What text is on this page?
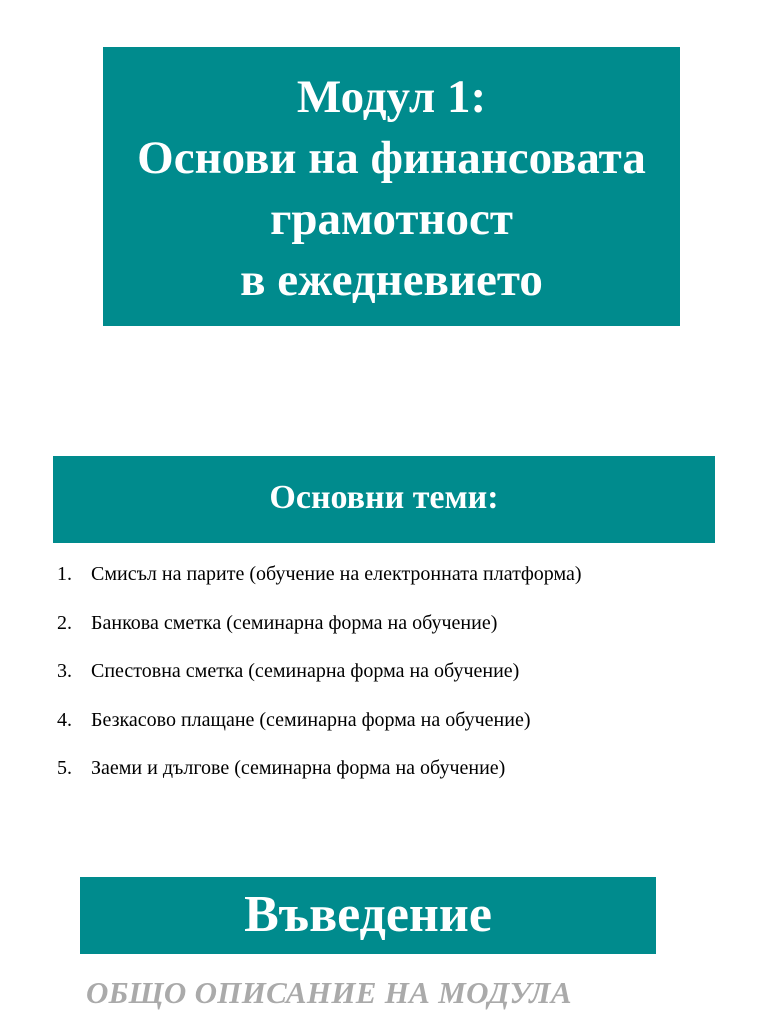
Модул 1:
Основи на финансовата
грамотност
в ежедневието
Основни теми:
1. Смисъл на парите (обучение на електронната платформа)
2. Банкова сметка (семинарна форма на обучение)
3. Спестовна сметка (семинарна форма на обучение)
4. Безкасово плащане (семинарна форма на обучение)
5. Заеми и дългове (семинарна форма на обучение)
Въведение
ОБЩО ОПИСАНИЕ НА МОДУЛА
